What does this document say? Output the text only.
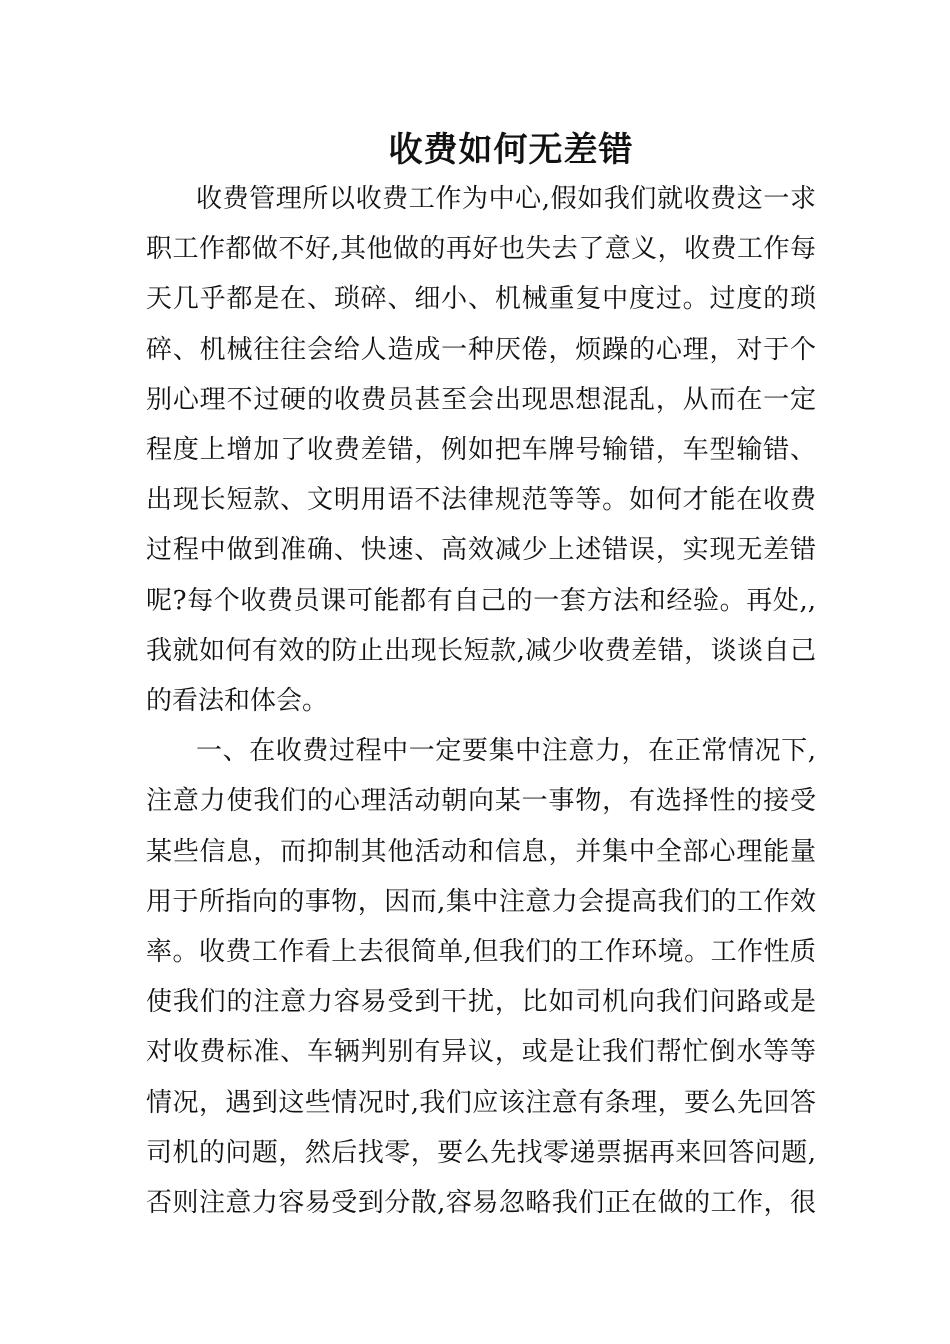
收费如何无差错
收费管理所以收费工作为中心,假如我们就收费这一求
职工作都做不好,其他做的再好也失去了意义，收费工作每
天几乎都是在、琐碎、细小、机械重复中度过。过度的琐
碎、机械往往会给人造成一种厌倦，烦躁的心理，对于个
别心理不过硬的收费员甚至会出现思想混乱，从而在一定
程度上增加了收费差错，例如把车牌号输错，车型输错、
出现长短款、文明用语不法律规范等等。如何才能在收费
过程中做到准确、快速、高效减少上述错误，实现无差错
呢?每个收费员课可能都有自己的一套方法和经验。再处,,
我就如何有效的防止出现长短款,减少收费差错，谈谈自己
的看法和体会。
一、在收费过程中一定要集中注意力，在正常情况下,
注意力使我们的心理活动朝向某一事物，有选择性的接受
某些信息，而抑制其他活动和信息，并集中全部心理能量
用于所指向的事物，因而,集中注意力会提高我们的工作效
率。收费工作看上去很简单,但我们的工作环境。工作性质
使我们的注意力容易受到干扰，比如司机向我们问路或是
对收费标准、车辆判别有异议，或是让我们帮忙倒水等等
情况，遇到这些情况时,我们应该注意有条理，要么先回答
司机的问题，然后找零，要么先找零递票据再来回答问题,
否则注意力容易受到分散,容易忽略我们正在做的工作，很
